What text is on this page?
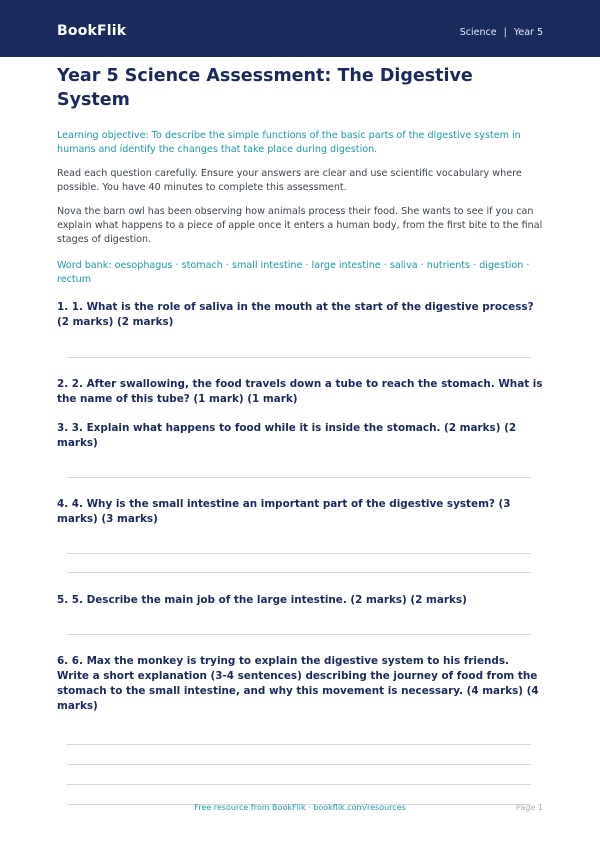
BookFlik	Science | Year 5
Year 5 Science Assessment: The Digestive System

Learning objective: To describe the simple functions of the basic parts of the digestive system in humans and identify the changes that take place during digestion.

Read each question carefully. Ensure your answers are clear and use scientific vocabulary where possible. You have 40 minutes to complete this assessment.

Nova the barn owl has been observing how animals process their food. She wants to see if you can explain what happens to a piece of apple once it enters a human body, from the first bite to the final stages of digestion.

Word bank: oesophagus · stomach · small intestine · large intestine · saliva · nutrients · digestion · rectum

1. 1. What is the role of saliva in the mouth at the start of the digestive process? (2 marks) (2 marks)

2. 2. After swallowing, the food travels down a tube to reach the stomach. What is the name of this tube? (1 mark) (1 mark)

3. 3. Explain what happens to food while it is inside the stomach. (2 marks) (2 marks)

4. 4. Why is the small intestine an important part of the digestive system? (3 marks) (3 marks)

5. 5. Describe the main job of the large intestine. (2 marks) (2 marks)

6. 6. Max the monkey is trying to explain the digestive system to his friends. Write a short explanation (3-4 sentences) describing the journey of food from the stomach to the small intestine, and why this movement is necessary. (4 marks) (4 marks)

Free resource from BookFlik · bookflik.com/resources	Page 1
